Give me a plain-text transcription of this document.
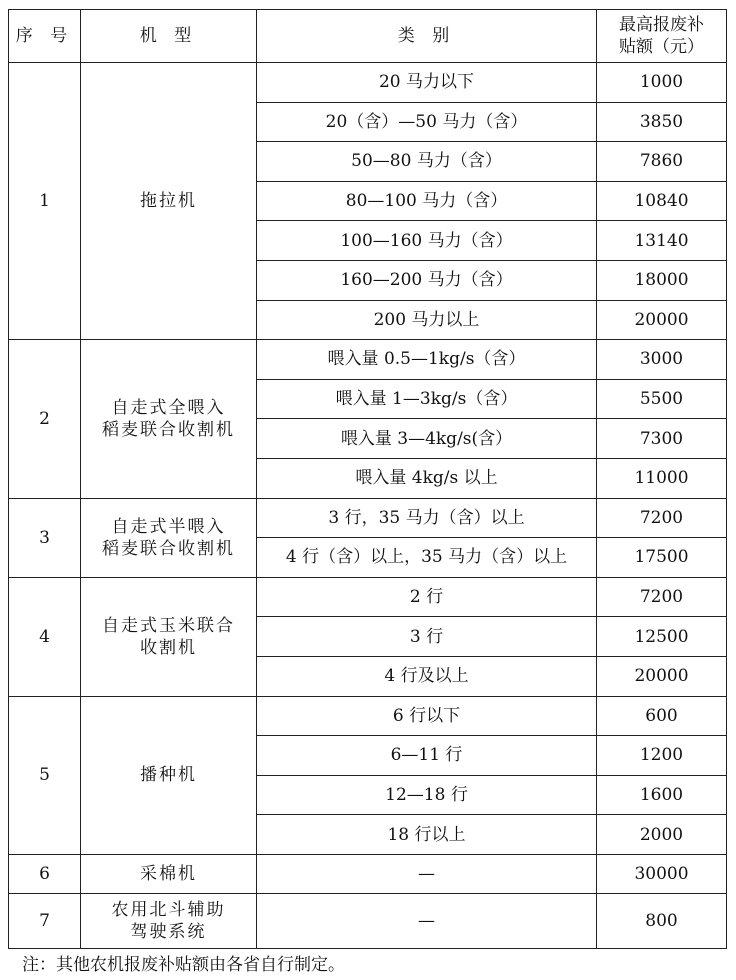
序 号	机 型	类 别	最高报废补
贴额（元）

1	拖拉机	20 马力以下	1000
		20（含）—50 马力（含）	3850
		50—80 马力（含）	7860
		80—100 马力（含）	10840
		100—160 马力（含）	13140
		160—200 马力（含）	18000
		200 马力以上	20000
2	自走式全喂入
稻麦联合收割机	喂入量 0.5—1kg/s（含）	3000
		喂入量 1—3kg/s（含）	5500
		喂入量 3—4kg/s(含）	7300
		喂入量 4kg/s 以上	11000
3	自走式半喂入
稻麦联合收割机	3 行，35 马力（含）以上	7200
		4 行（含）以上，35 马力（含）以上	17500
4	自走式玉米联合
收割机	2 行	7200
		3 行	12500
		4 行及以上	20000
5	播种机	6 行以下	600
		6—11 行	1200
		12—18 行	1600
		18 行以上	2000
6	采棉机	—	30000
7	农用北斗辅助
驾驶系统	—	800
注：其他农机报废补贴额由各省自行制定。
